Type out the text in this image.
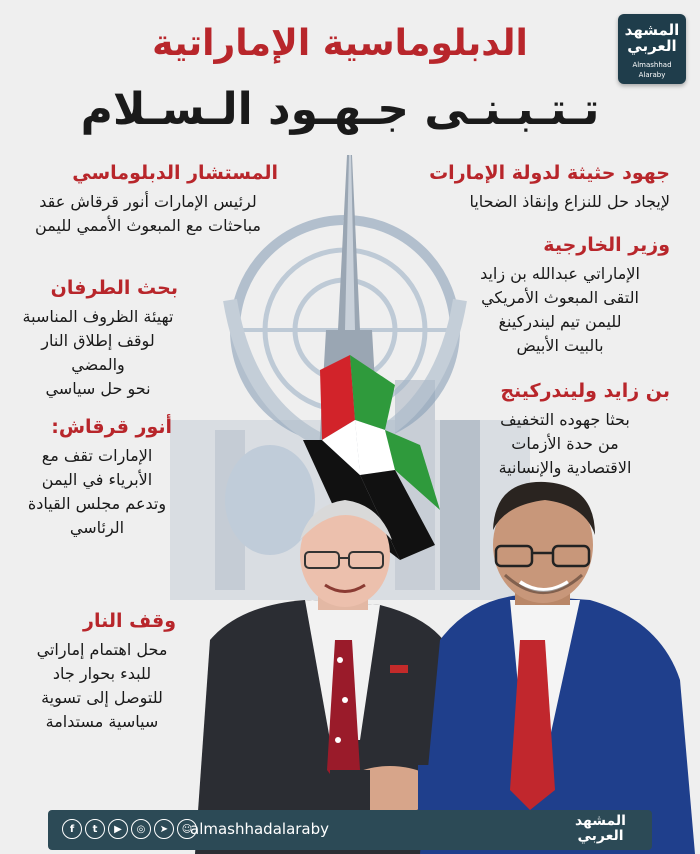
المشهد
العربي
Almashhad Alaraby
الدبلوماسية الإماراتية
تـتـبـنـى جـهـود الـسـلام
جهود حثيثة لدولة الإمارات
لإيجاد حل للنزاع وإنقاذ الضحايا
وزير الخارجية
الإماراتي عبدالله بن زايد
التقى المبعوث الأمريكي
لليمن تيم ليندركينغ
بالبيت الأبيض
بن زايد وليندركينج
بحثا جهوده التخفيف
من حدة الأزمات
الاقتصادية والإنسانية
المستشار الدبلوماسي
لرئيس الإمارات أنور قرقاش عقد
مباحثات مع المبعوث الأممي لليمن
بحث الطرفان
تهيئة الظروف المناسبة
لوقف إطلاق النار والمضي
نحو حل سياسي
أنور قرقاش:
الإمارات تقف مع
الأبرياء في اليمن
وتدعم مجلس القيادة
الرئاسي
وقف النار
محل اهتمام إماراتي
للبدء بحوار جاد
للتوصل إلى تسوية
سياسية مستدامة
f	t	▶	◎	➤	☺
almashhadalaraby	المشهد
العربي
